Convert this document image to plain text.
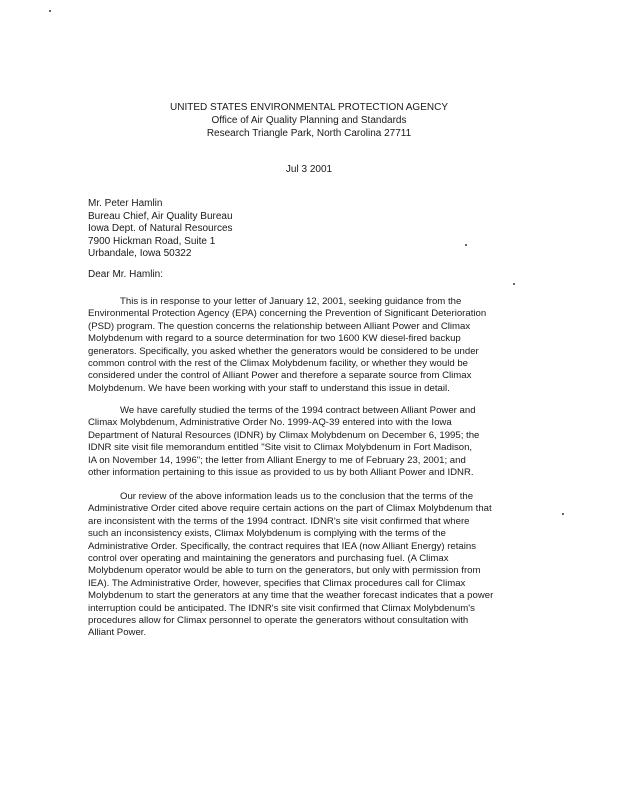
UNITED STATES ENVIRONMENTAL PROTECTION AGENCY
Office of Air Quality Planning and Standards
Research Triangle Park, North Carolina 27711
Jul 3 2001
Mr. Peter Hamlin
Bureau Chief, Air Quality Bureau
Iowa Dept. of Natural Resources
7900 Hickman Road, Suite 1
Urbandale, Iowa 50322
Dear Mr. Hamlin:
This is in response to your letter of January 12, 2001, seeking guidance from the
Environmental Protection Agency (EPA) concerning the Prevention of Significant Deterioration
(PSD) program. The question concerns the relationship between Alliant Power and Climax
Molybdenum with regard to a source determination for two 1600 KW diesel-fired backup
generators. Specifically, you asked whether the generators would be considered to be under
common control with the rest of the Climax Molybdenum facility, or whether they would be
considered under the control of Alliant Power and therefore a separate source from Climax
Molybdenum. We have been working with your staff to understand this issue in detail.
We have carefully studied the terms of the 1994 contract between Alliant Power and
Climax Molybdenum, Administrative Order No. 1999-AQ-39 entered into with the Iowa
Department of Natural Resources (IDNR) by Climax Molybdenum on December 6, 1995; the
IDNR site visit file memorandum entitled "Site visit to Climax Molybdenum in Fort Madison,
IA on November 14, 1996"; the letter from Alliant Energy to me of February 23, 2001; and
other information pertaining to this issue as provided to us by both Alliant Power and IDNR.
Our review of the above information leads us to the conclusion that the terms of the
Administrative Order cited above require certain actions on the part of Climax Molybdenum that
are inconsistent with the terms of the 1994 contract. IDNR's site visit confirmed that where
such an inconsistency exists, Climax Molybdenum is complying with the terms of the
Administrative Order. Specifically, the contract requires that IEA (now Alliant Energy) retains
control over operating and maintaining the generators and purchasing fuel. (A Climax
Molybdenum operator would be able to turn on the generators, but only with permission from
IEA). The Administrative Order, however, specifies that Climax procedures call for Climax
Molybdenum to start the generators at any time that the weather forecast indicates that a power
interruption could be anticipated. The IDNR's site visit confirmed that Climax Molybdenum's
procedures allow for Climax personnel to operate the generators without consultation with
Alliant Power.
